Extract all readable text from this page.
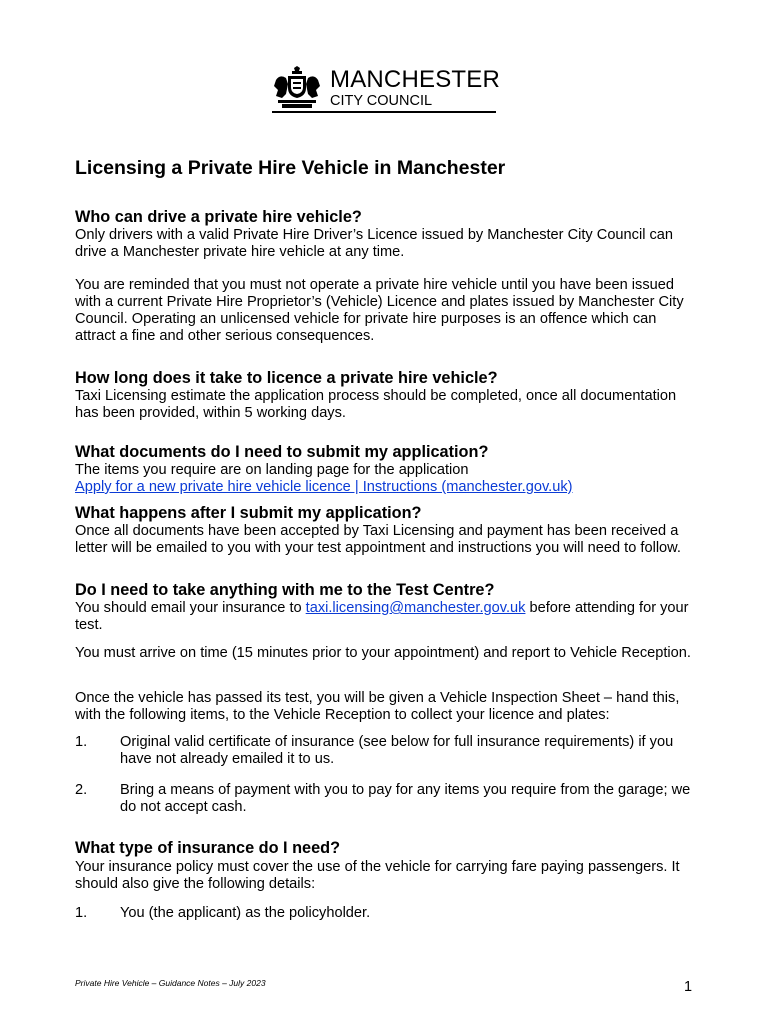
MANCHESTER
CITY COUNCIL
Licensing a Private Hire Vehicle in Manchester
Who can drive a private hire vehicle?
Only drivers with a valid Private Hire Driver’s Licence issued by Manchester City Council can drive a Manchester private hire vehicle at any time.
You are reminded that you must not operate a private hire vehicle until you have been issued with a current Private Hire Proprietor’s (Vehicle) Licence and plates issued by Manchester City Council. Operating an unlicensed vehicle for private hire purposes is an offence which can attract a fine and other serious consequences.
How long does it take to licence a private hire vehicle?
Taxi Licensing estimate the application process should be completed, once all documentation has been provided, within 5 working days.
What documents do I need to submit my application?
The items you require are on landing page for the application
Apply for a new private hire vehicle licence | Instructions (manchester.gov.uk)
What happens after I submit my application?
Once all documents have been accepted by Taxi Licensing and payment has been received a letter will be emailed to you with your test appointment and instructions you will need to follow.
Do I need to take anything with me to the Test Centre?
You should email your insurance to taxi.licensing@manchester.gov.uk before attending for your test.
You must arrive on time (15 minutes prior to your appointment) and report to Vehicle Reception.
Once the vehicle has passed its test, you will be given a Vehicle Inspection Sheet – hand this, with the following items, to the Vehicle Reception to collect your licence and plates:
1. Original valid certificate of insurance (see below for full insurance requirements) if you have not already emailed it to us.
2. Bring a means of payment with you to pay for any items you require from the garage; we do not accept cash.
What type of insurance do I need?
Your insurance policy must cover the use of the vehicle for carrying fare paying passengers. It should also give the following details:
1. You (the applicant) as the policyholder.
Private Hire Vehicle – Guidance Notes – July 2023	1
